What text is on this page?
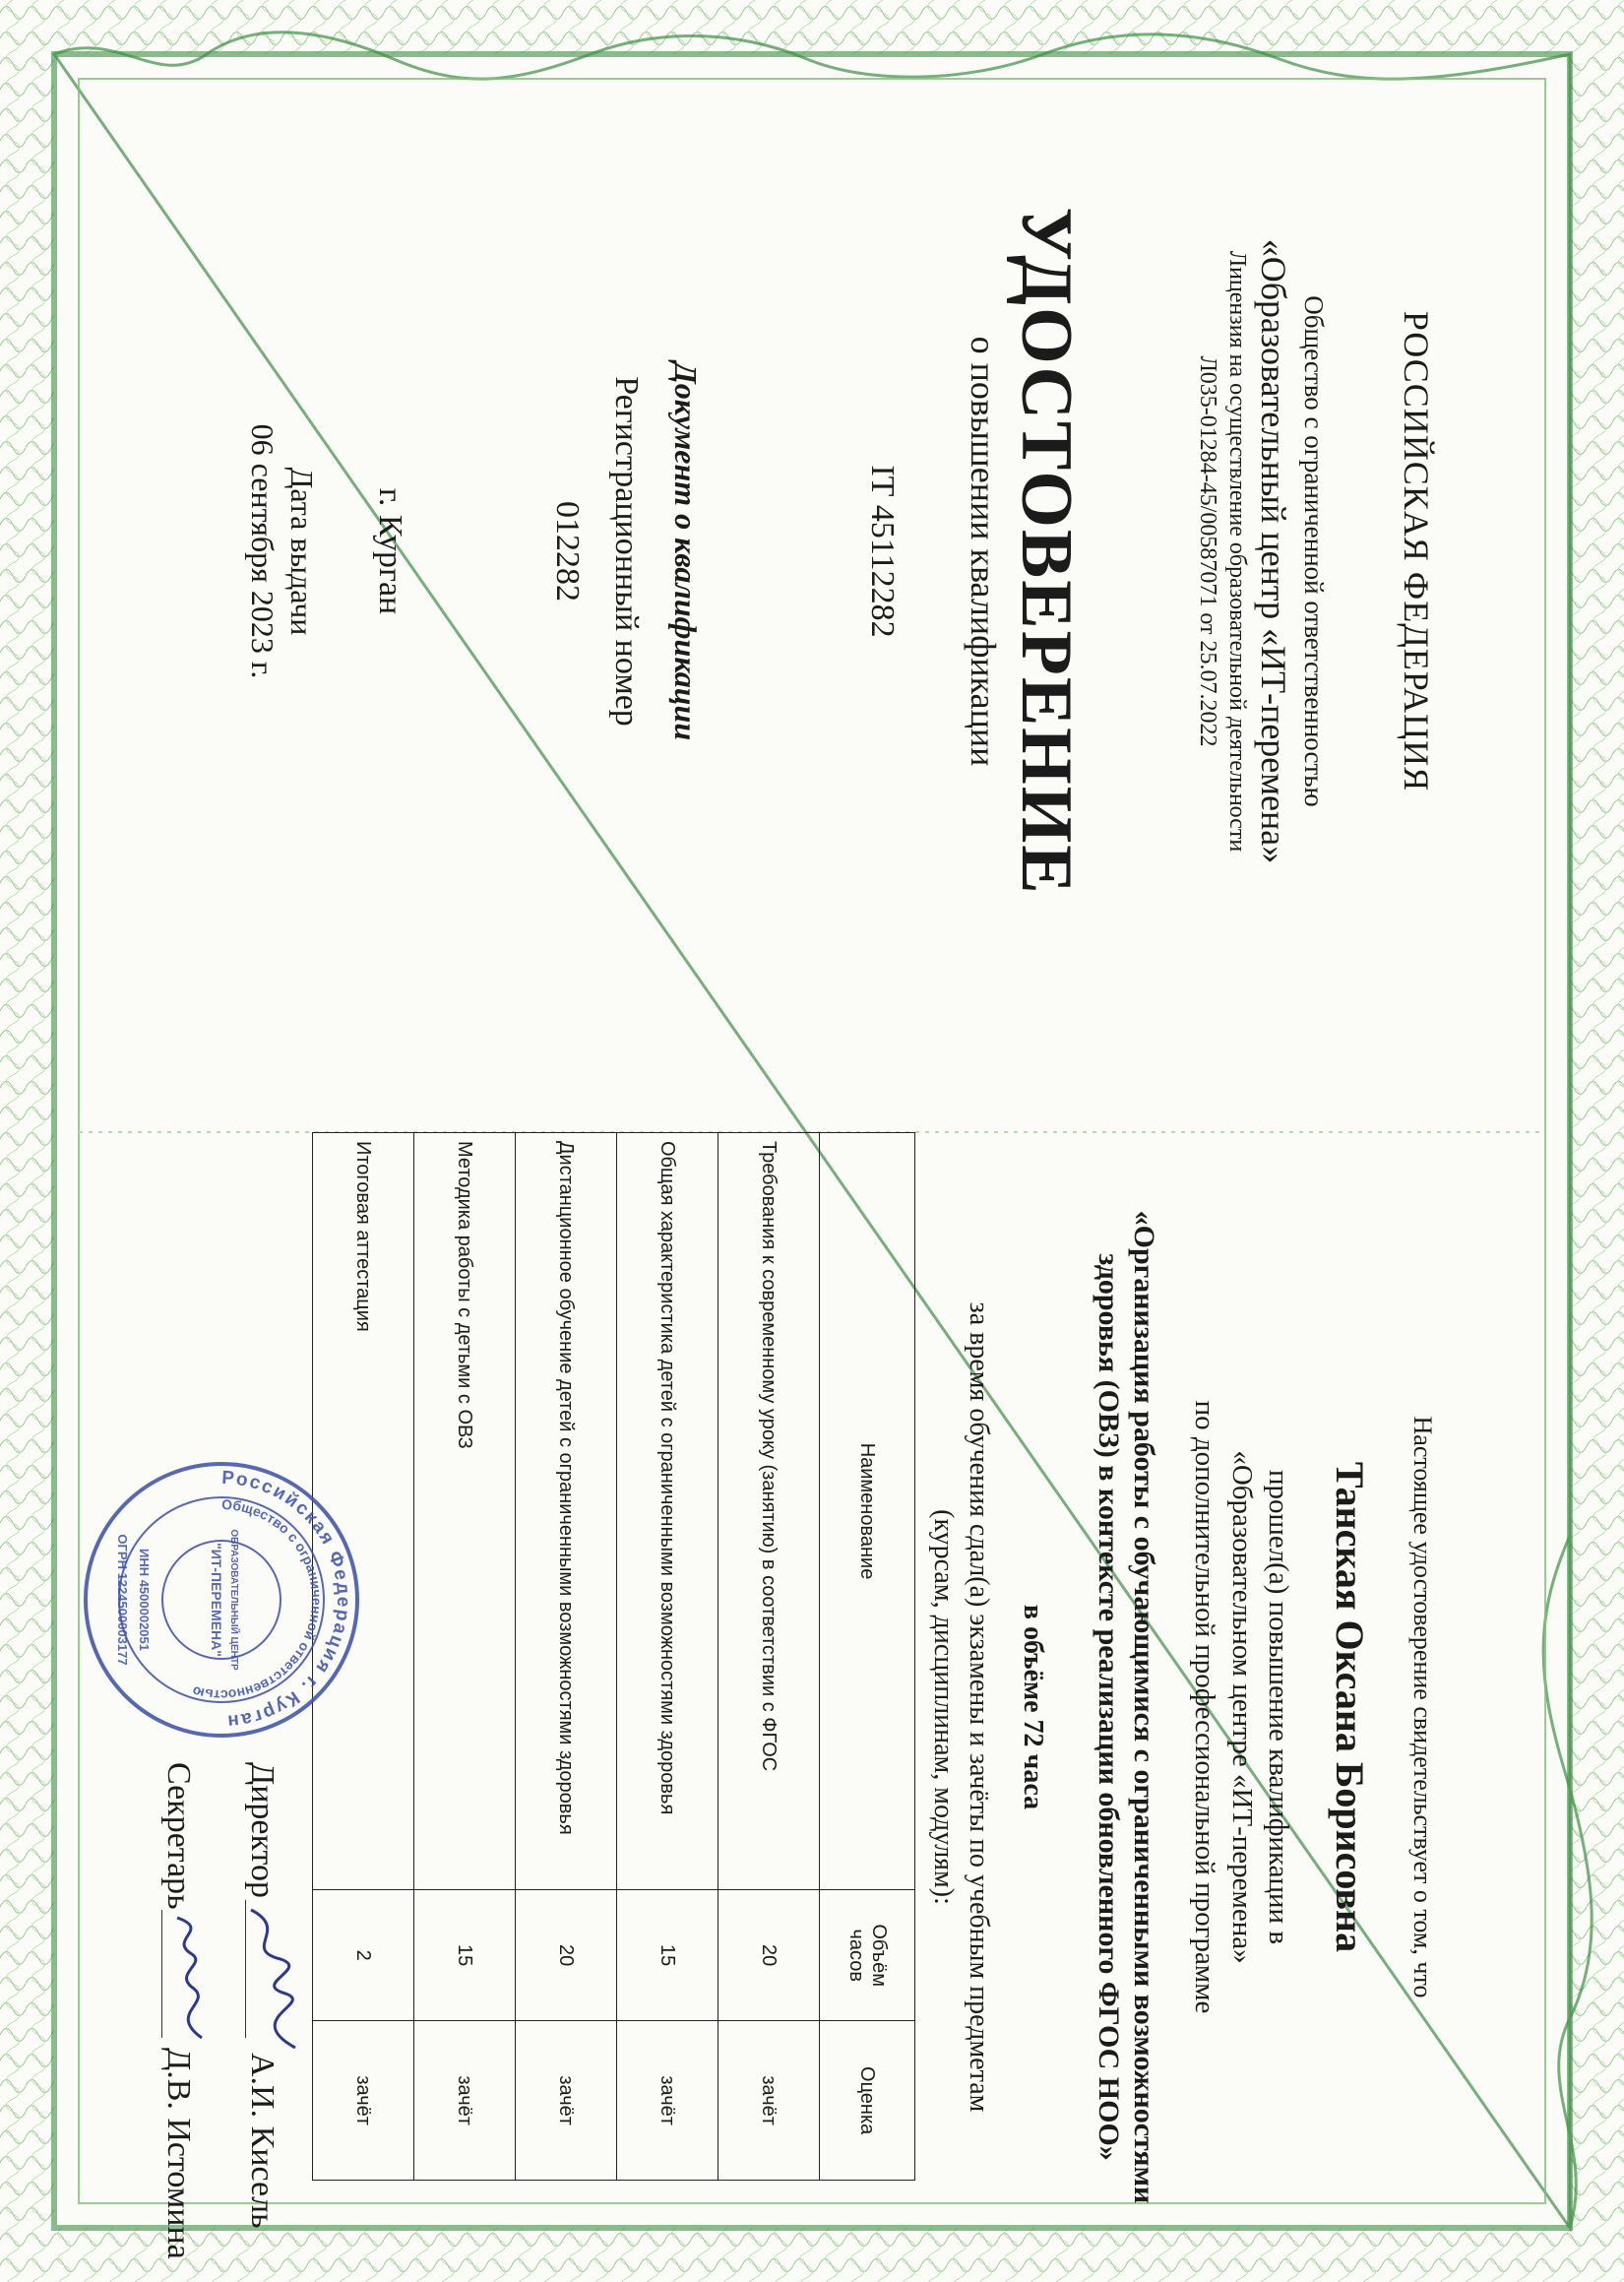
РОССИЙСКАЯ ФЕДЕРАЦИЯ
Общество с ограниченной ответственностью
«Образовательный центр «ИТ-перемена»
Лицензия на осуществление образовательной деятельности
Л035-01284-45/00587071 от 25.07.2022
УДОСТОВЕРЕНИЕ
о повышении квалификации
ІТ 45112282
Документ о квалификации
Регистрационный номер
012282
г. Курган
Дата выдачи
06 сентября 2023 г.
Настоящее удостоверение свидетельствует о том, что
Танская Оксана Борисовна
прошел(а) повышение квалификации в
«Образовательном центре «ИТ-перемена»
по дополнительной профессиональной программе
«Организация работы с обучающимися с ограниченными возможностями здоровья (ОВЗ) в контексте реализации обновленного ФГОС НОО»
в объёме 72 часа
за время обучения сдал(а) экзамены и зачёты по учебным предметам
(курсам, дисциплинам, модулям):
Наименование	Объём часов	Оценка
Требования к современному уроку (занятию) в соответствии с ФГОС	20	зачёт
Общая характеристика детей с ограниченными возможностями здоровья	15	зачёт
Дистанционное обучение детей с ограниченными возможностями здоровья	20	зачёт
Методика работы с детьми с ОВЗ	15	зачёт
Итоговая аттестация	2	зачёт
Российская Федерация г. Курган
Общество с ограниченной ответственностью
ОБРАЗОВАТЕЛЬНЫЙ ЦЕНТР
"ИТ-ПЕРЕМЕНА"
ИНН 4500002051
ОГРН 1224500003177
Директор
А.И. Кисель
Секретарь
Д.В. Истомина
